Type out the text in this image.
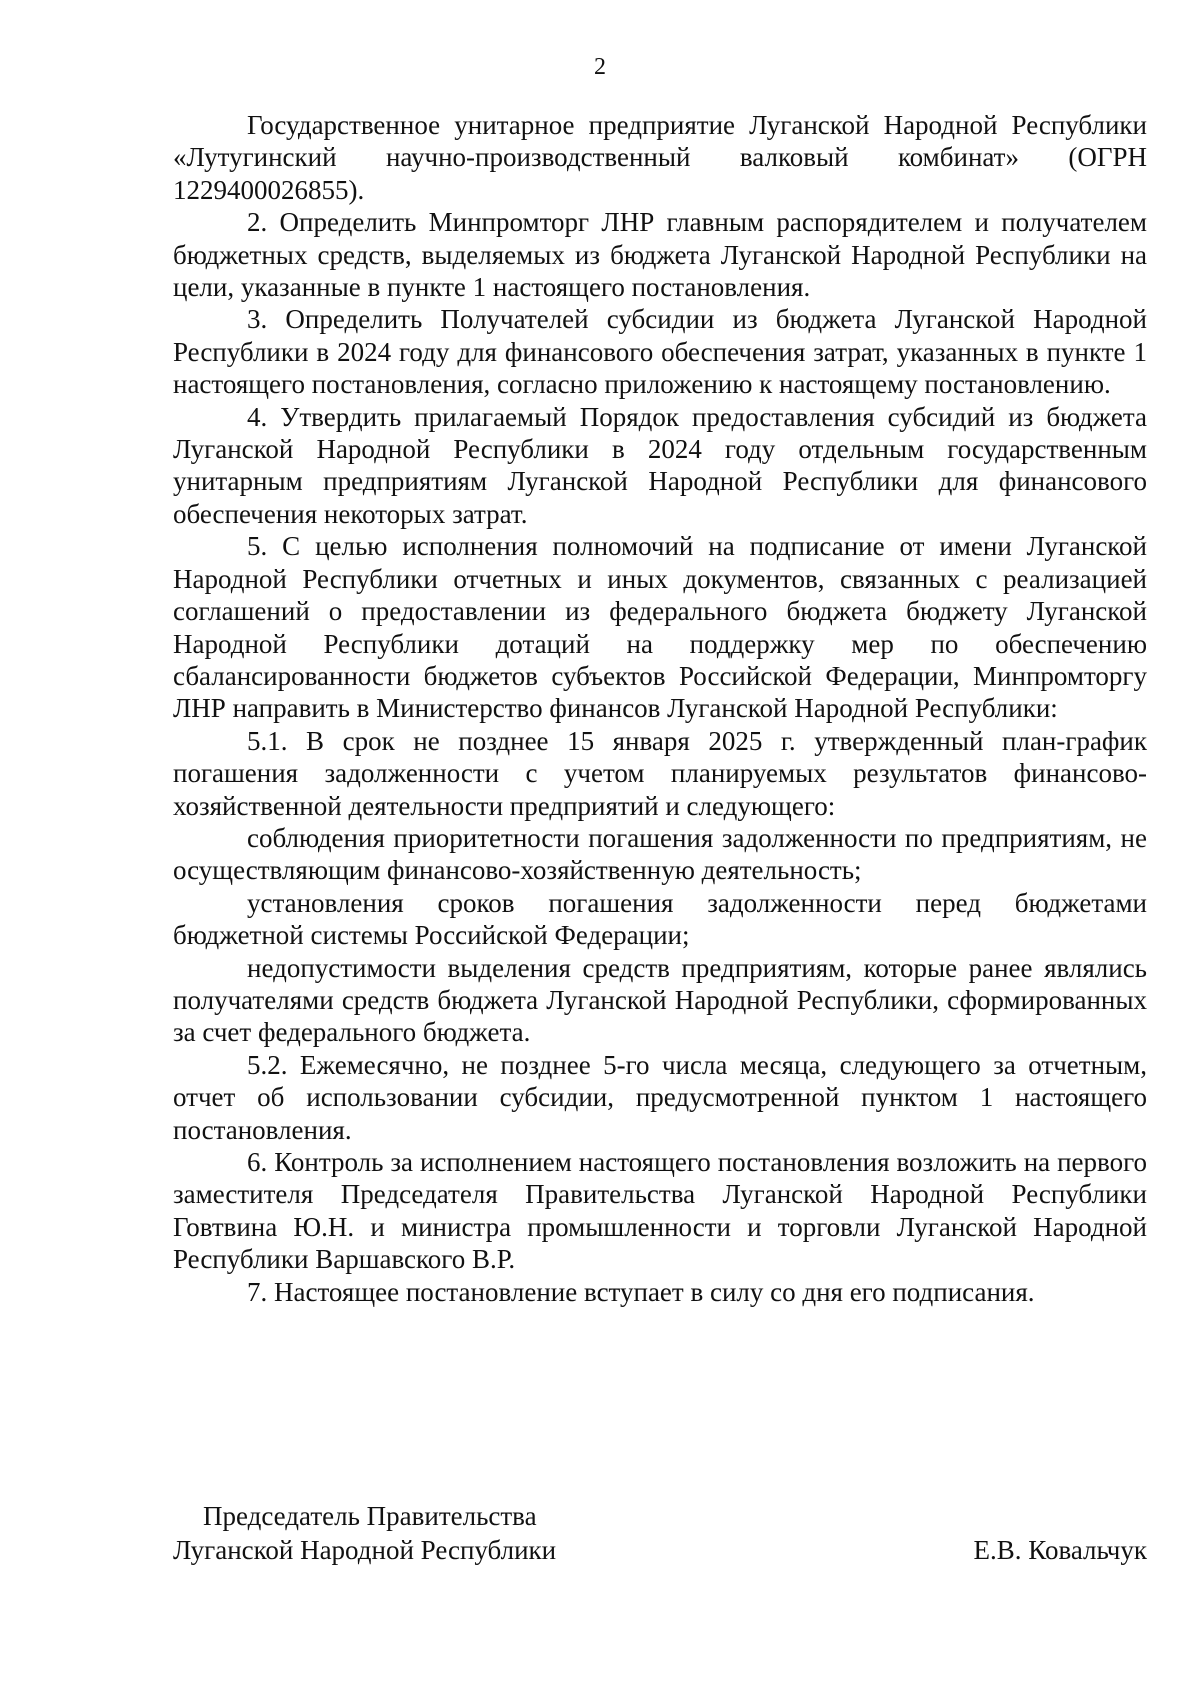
2

Государственное унитарное предприятие Луганской Народной Республики «Лутугинский научно-производственный валковый комбинат» (ОГРН 1229400026855).

2. Определить Минпромторг ЛНР главным распорядителем и получателем бюджетных средств, выделяемых из бюджета Луганской Народной Республики на цели, указанные в пункте 1 настоящего постановления.

3. Определить Получателей субсидии из бюджета Луганской Народной Республики в 2024 году для финансового обеспечения затрат, указанных в пункте 1 настоящего постановления, согласно приложению к настоящему постановлению.

4. Утвердить прилагаемый Порядок предоставления субсидий из бюджета Луганской Народной Республики в 2024 году отдельным государственным унитарным предприятиям Луганской Народной Республики для финансового обеспечения некоторых затрат.

5. С целью исполнения полномочий на подписание от имени Луганской Народной Республики отчетных и иных документов, связанных с реализацией соглашений о предоставлении из федерального бюджета бюджету Луганской Народной Республики дотаций на поддержку мер по обеспечению сбалансированности бюджетов субъектов Российской Федерации, Минпромторгу ЛНР направить в Министерство финансов Луганской Народной Республики:

5.1. В срок не позднее 15 января 2025 г. утвержденный план-график погашения задолженности с учетом планируемых результатов финансово-хозяйственной деятельности предприятий и следующего:

соблюдения приоритетности погашения задолженности по предприятиям, не осуществляющим финансово-хозяйственную деятельность;

установления сроков погашения задолженности перед бюджетами бюджетной системы Российской Федерации;

недопустимости выделения средств предприятиям, которые ранее являлись получателями средств бюджета Луганской Народной Республики, сформированных за счет федерального бюджета.

5.2. Ежемесячно, не позднее 5-го числа месяца, следующего за отчетным, отчет об использовании субсидии, предусмотренной пунктом 1 настоящего постановления.

6. Контроль за исполнением настоящего постановления возложить на первого заместителя Председателя Правительства Луганской Народной Республики Говтвина Ю.Н. и министра промышленности и торговли Луганской Народной Республики Варшавского В.Р.

7. Настоящее постановление вступает в силу со дня его подписания.

Председатель Правительства
Луганской Народной Республики	Е.В. Ковальчук
